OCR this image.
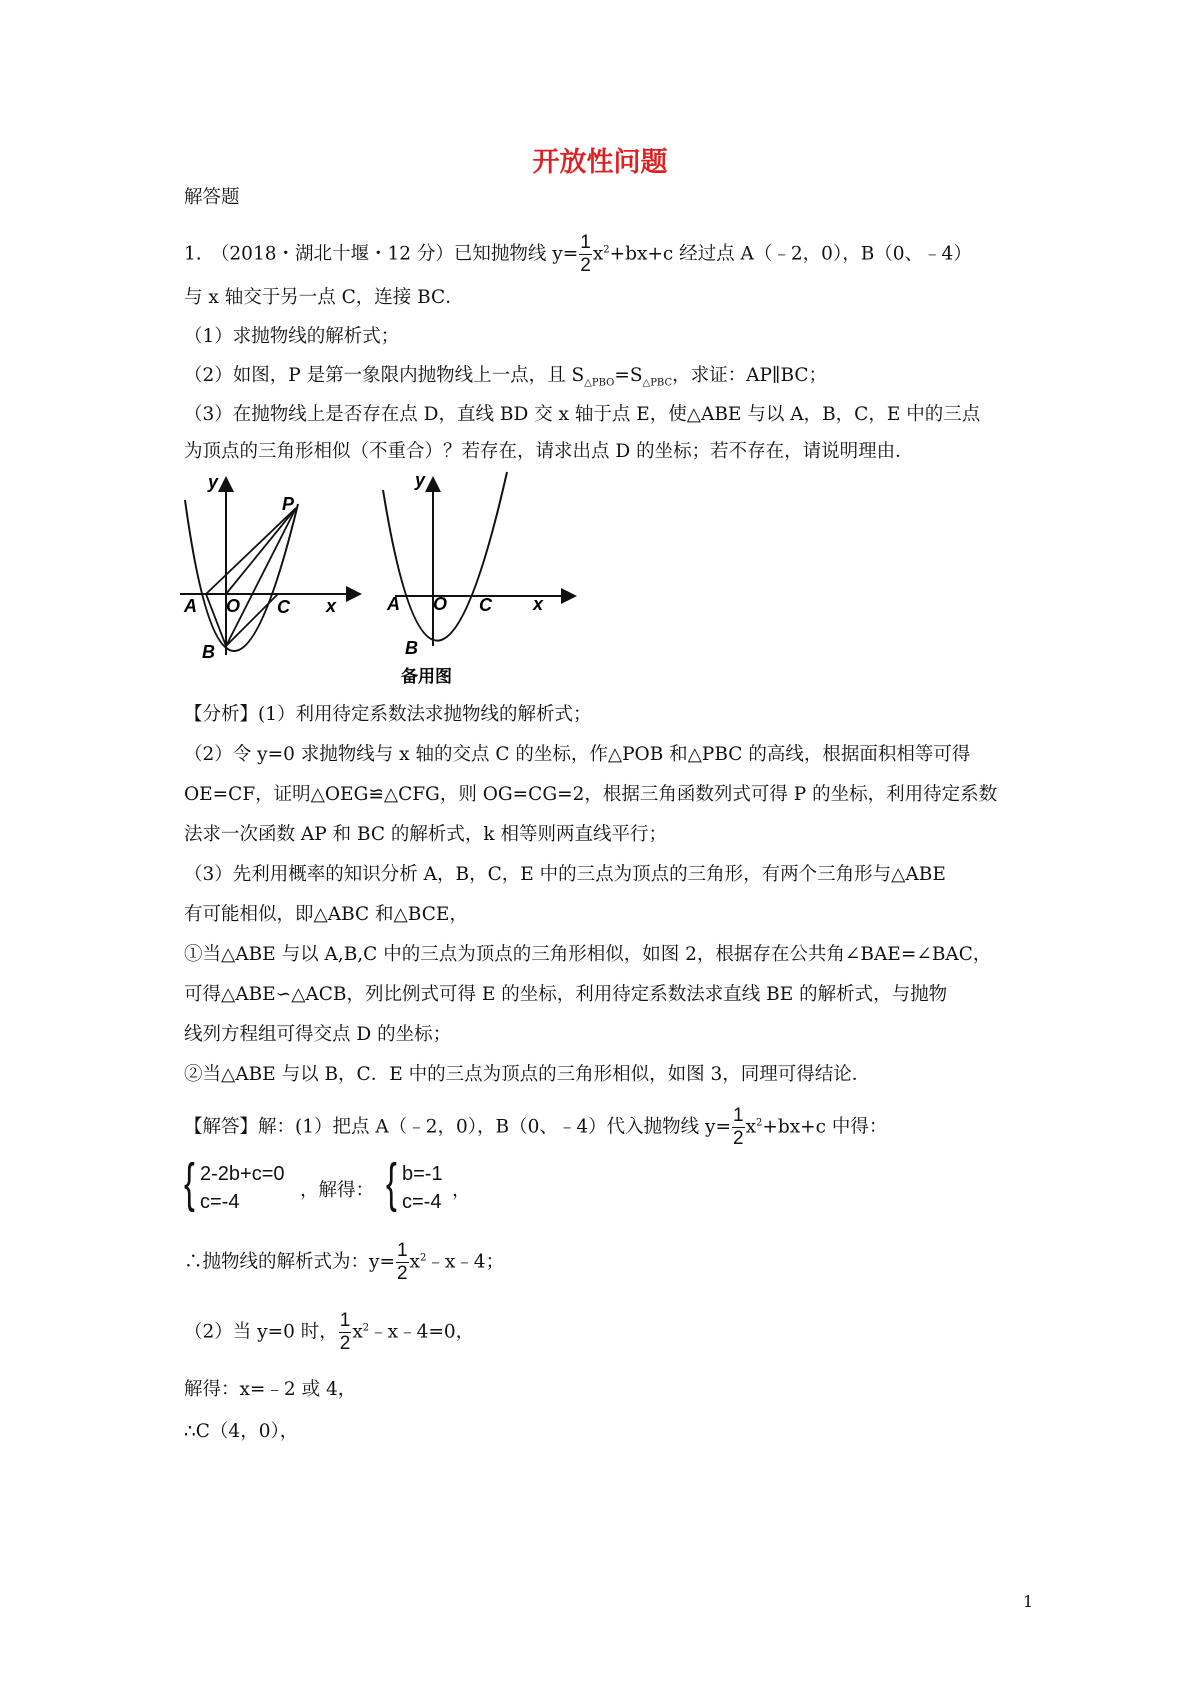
开放性问题
解答题
1.　（2018・湖北十堰・12 分）已知抛物线 $y= \frac{1}{2} x^2+bx+c$ 经过点 A（﹣2，0），B（0、﹣4）
与 x 轴交于另一点 C，连接 BC．
（1）求抛物线的解析式；
（2）如图，P 是第一象限内抛物线上一点，且 $S_{\triangle PBO}=S_{\triangle PBC}$，求证：AP∥BC；
（3）在抛物线上是否存在点 D，直线 BD 交 x 轴于点 E，使△ABE 与以 A，B，C，E 中的三点
为顶点的三角形相似（不重合）？若存在，请求出点 D 的坐标；若不存在，请说明理由．
y
P
A O C x
B
y
A O C x
B
备用图
【分析】(1）利用待定系数法求抛物线的解析式；
（2）令 y=0 求抛物线与 x 轴的交点 C 的坐标，作△POB 和△PBC 的高线，根据面积相等可得
OE=CF，证明△OEG≌△CFG，则 OG=CG=2，根据三角函数列式可得 P 的坐标，利用待定系数
法求一次函数 AP 和 BC 的解析式，k 相等则两直线平行；
（3）先利用概率的知识分析 A，B，C，E 中的三点为顶点的三角形，有两个三角形与△ABE
有可能相似，即△ABC 和△BCE，
①当△ABE 与以 A,B,C 中的三点为顶点的三角形相似，如图 2，根据存在公共角∠BAE=∠BAC，
可得△ABE∽△ACB，列比例式可得 E 的坐标，利用待定系数法求直线 BE 的解析式，与抛物
线列方程组可得交点 D 的坐标；
②当△ABE 与以 B，C．E 中的三点为顶点的三角形相似，如图 3，同理可得结论．
【解答】解：(1）把点 A（﹣2，0），B（0、﹣4）代入抛物线 $y= \frac{1}{2} x^2+bx+c$ 中得：
{ 2-2b+c=0
c=-4
，解得： { b=-1
c=-4
，
∴抛物线的解析式为：$y= \frac{1}{2}$ $x^2﹣x﹣4$；
（2）当 y=0 时， $\frac{1}{2}$ $x^2﹣x﹣4=0$，
解得：x=﹣2 或 4，
∴C（4，0），
1
